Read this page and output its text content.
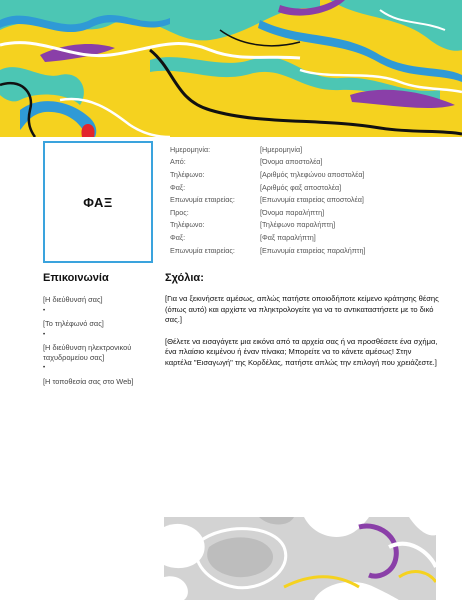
ΦΑΞ
Ημερομηνία:	[Ημερομηνία]
Από:	[Όνομα αποστολέα]
Τηλέφωνο:	[Αριθμός τηλεφώνου αποστολέα]
Φαξ:	[Αριθμός φαξ αποστολέα]
Επωνυμία εταιρείας:	[Επωνυμία εταιρείας αποστολέα]
Προς:	[Όνομα παραλήπτη]
Τηλέφωνο:	[Τηλέφωνο παραλήπτη]
Φαξ:	[Φαξ παραλήπτη]
Επωνυμία εταιρείας:	[Επωνυμία εταιρείας παραλήπτη]
Επικοινωνία

[Η διεύθυνσή σας]

•

[Το τηλέφωνό σας]

•

[Η διεύθυνση ηλεκτρονικού ταχυδρομείου σας]

•

[Η τοποθεσία σας στο Web]

Σχόλια:

[Για να ξεκινήσετε αμέσως, απλώς πατήστε οποιοδήποτε κείμενο κράτησης θέσης (όπως αυτό) και αρχίστε να πληκτρολογείτε για να το αντικαταστήσετε με το δικό σας.]

[Θέλετε να εισαγάγετε μια εικόνα από τα αρχεία σας ή να προσθέσετε ένα σχήμα, ένα πλαίσιο κειμένου ή έναν πίνακα; Μπορείτε να το κάνετε αμέσως! Στην καρτέλα "Εισαγωγή" της Κορδέλας, πατήστε απλώς την επιλογή που χρειάζεστε.]
